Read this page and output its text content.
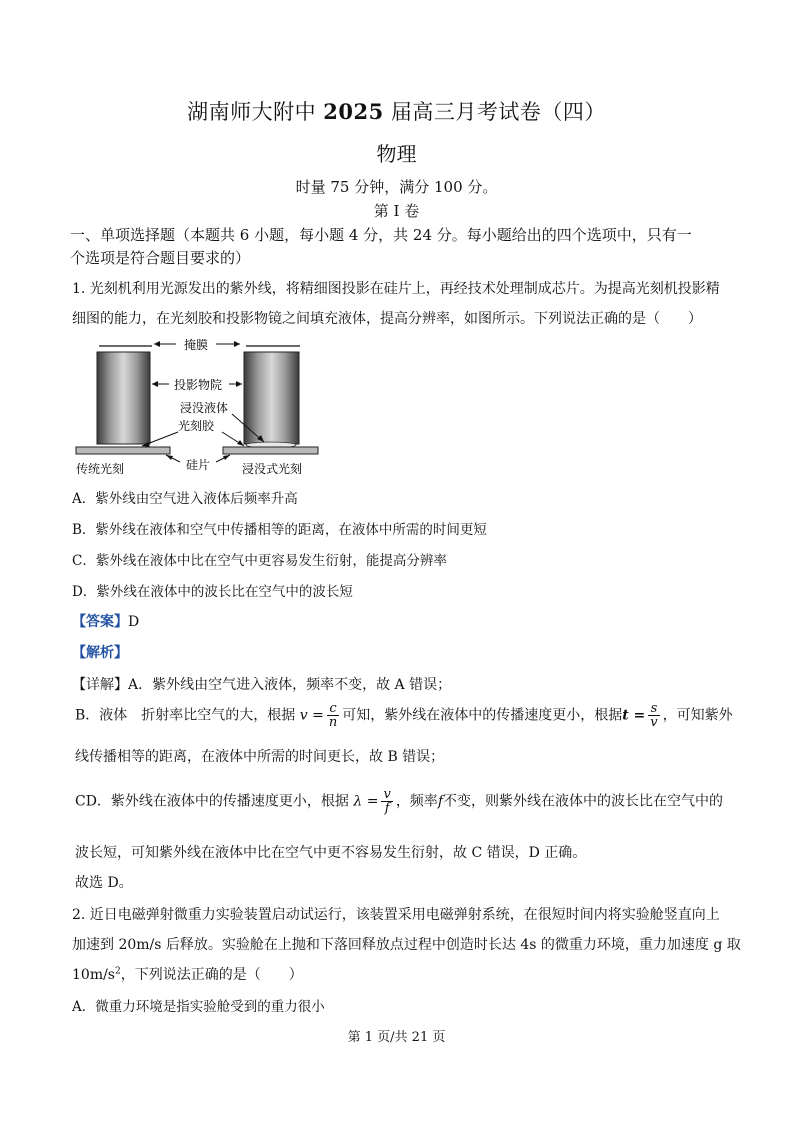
湖南师大附中 2025 届高三月考试卷（四）
物理
时量 75 分钟，满分 100 分。
第 I 卷
一、单项选择题（本题共 6 小题，每小题 4 分，共 24 分。每小题给出的四个选项中，只有一
个选项是符合题目要求的）
1. 光刻机利用光源发出的紫外线，将精细图投影在硅片上，再经技术处理制成芯片。为提高光刻机投影精
细图的能力，在光刻胶和投影物镜之间填充液体，提高分辨率，如图所示。下列说法正确的是（　　）
掩膜
投影物院
浸没液体
光刻胶
硅片
传统光刻	浸没式光刻
A．紫外线由空气进入液体后频率升高
B．紫外线在液体和空气中传播相等的距离，在液体中所需的时间更短
C．紫外线在液体中比在空气中更容易发生衍射，能提高分辨率
D．紫外线在液体中的波长比在空气中的波长短
【答案】D
【解析】
【详解】A．紫外线由空气进入液体，频率不变，故 A 错误；
B．液体　折射率比空气的大，根据 $v = \frac{c}{n}$ 可知，紫外线在液体中的传播速度更小，根据$t = \frac{s}{v}$ ，可知紫外
线传播相等的距离，在液体中所需的时间更长，故 B 错误；
CD．紫外线在液体中的传播速度更小，根据 $\lambda = \frac{v}{f}$ ，频率f不变，则紫外线在液体中的波长比在空气中的
波长短，可知紫外线在液体中比在空气中更不容易发生衍射，故 C 错误，D 正确。
故选 D。
2. 近日电磁弹射微重力实验装置启动试运行，该装置采用电磁弹射系统，在很短时间内将实验舱竖直向上
加速到 20m/s 后释放。实验舱在上抛和下落回释放点过程中创造时长达 4s 的微重力环境，重力加速度 g 取
$10m/s^2$，下列说法正确的是（　　）
A．微重力环境是指实验舱受到的重力很小
第 1 页/共 21 页
